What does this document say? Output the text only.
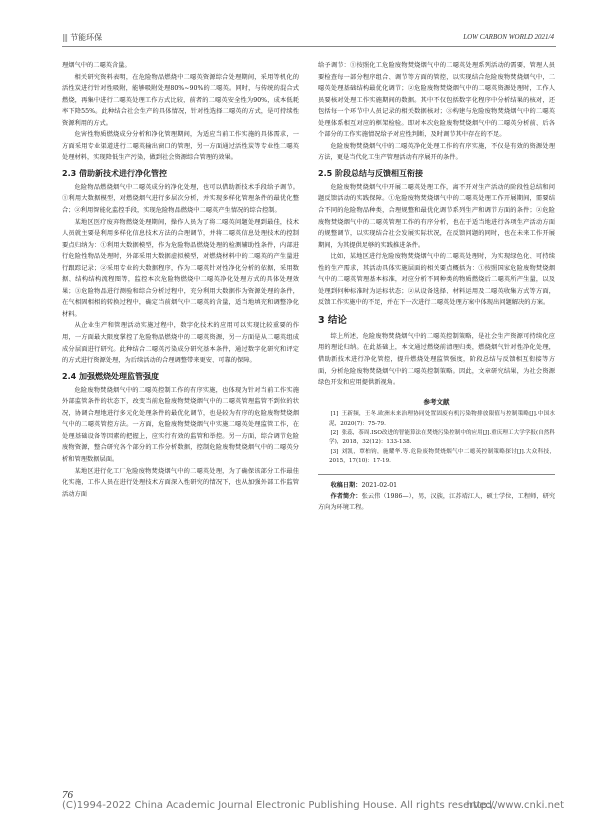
||| 节能环保	LOW CARBON WORLD 2021/4

理烟气中的二噁英含量。

相关研究资料表明，在危险物品燃烧中二噁英资源综合处理期间，采用等机化的活性炭进行针对性吸附，能够吸附处理80%~90%的二噁英。同时，与传统的混合式燃烧，再集中进行二噁英处理工作方式比较，前者的二噁英安全性为90%，成本低耗率下降55%。此种结合社会生产的具体情况，针对性选择二噁英的方式，是可持续性资源利用的方式。

危害性物质燃烧成分分析和净化管理期间，为适应当前工作实施的具体需求，一方面采用专业渠道进行二噁英输出窗口的管理，另一方面通过活性炭等专业性二噁英处理材料，实现降低生产污染，做到社会资源综合管理的效果。

2.3 借助新技术进行净化管控

危险物品燃烧烟气中二噁英成分的净化处理，也可以借助新技术手段给予调节。①利用大数据模型，对燃烧烟气进行多层次分析，并实现多样化管理条件的最优化整合；②利用智能化监控手段，实现危险物品燃烧中二噁英产生情况的综合控制。

某地区医疗废弃物燃烧处理期间，操作人员为了将二噁英问题处理到最佳，技术人员就主要是利用多样化信息技术方法的合理调节，并将二噁英信息处理技术的控制要点归纳为：①利用大数据模型，作为危险物品燃烧处理的检测辅助性条件，内部进行危险性物品处理时，外部采用大数据虚拟模型，对燃烧材料中的二噁英的产生量进行跟踪记录；②采用专业的大数据程序，作为二噁英针对性净化分析的依据，采用数据、结构结构流程图等，监控本次危险物燃烧中二噁英净化处理方式的具体处理效果；③危险物品进行测验和综合分析过程中，充分利用大数据作为资源处理的条件，在气相固相相的转换过程中，确定当前烟气中二噁英的含量，适当地填充和调整净化材料。

从企业生产和管理活动实施过程中，数字化技术的应用可以实现比较重要的作用，一方面最大限度掌控了危险物品燃烧中的二噁英资源，另一方面是从二噁英组成成分层面进行研究。此种结合二噁英污染成分研究基本条件，通过数字化研究和评定的方式进行资源处理，为后续活动的合理调整带来更安、可靠的保障。

2.4 加强燃烧处理监管强度

危险废物焚烧烟气中的二噁英控制工作的有序实施，也体现为针对当前工作实施外部监管条件的状态下，改变当前危险废物焚烧烟气中的二噁英管理监管不到位的状况，协调合理地进行多元化处理条件的最优化调节，也是较为有序的危险废物焚烧烟气中的二噁英管控方法。一方面，危险废物焚烧烟气中实施二噁英处理监管工作，在处理基础设备等因素的把握上，应实行有效的监管和举控。另一方面，综合调节危险废物资源，整合研究各个部分的工作分析数据，控制危险废物焚烧烟气中的二噁英分析和管理数据层面。

某地区进行化工厂危险废物焚烧烟气中的二噁英处理，为了确保该部分工作最佳化实施，工作人员在进行处理技术方面深入性研究的情况下，也从加强外部工作监管活动方面

给予调节：①按照化工危险废物焚烧烟气中的二噁英处理系列活动的需要，管理人员要检查每一部分程序组合、调节等方面的管控，以实现结合危险废物焚烧烟气中，二噁英处理基础结构最优化调节；②危险废物焚烧烟气中的二噁英资源处理时，工作人员要核对处理工作实施期间的数据。其中不仅包括数字化程序中分析结果的核对，还包括每一个环节中人员记录的相关数据核对；③构建与危险废物焚烧烟气中的二噁英处理体系相互对应的框架检验。即对本次危险废物焚烧烟气中的二噁英分析前、后各个部分的工作实施情况给予对应性判断，及时调节其中存在的不足。

危险废物焚烧烟气中的二噁英净化处理工作的有序实施，不仅是有效的资源处理方法，更是当代化工生产管理活动有序展开的条件。

2.5 阶段总结与反馈相互衔接

危险废物焚烧烟气中开展二噁英处理工作，离不开对生产活动的阶段性总结和问题反馈活动的实践保障。①危险废物焚烧烟气中的二噁英处理工作开展期间，需要结合不同的危险物品种类，合理规整和最优化调节系列生产和调节方面的条件；②危险废物焚烧烟气中的二噁英管理工作的有序分析，也在于适当地进行各项生产活动方面的规整调节，以实现结合社会发展实际状况，在反馈问题的同时，也在未来工作开展期间，为其提供足够的实践推进条件。

比如，某地区进行危险废物焚烧烟气中的二噁英处理时，为实现绿色化、可持续性的生产需求，其活动具体实施层面的相关要点概括为：①按照国家危险废物焚烧烟气中的二噁英管理基本标准，对应分析不同种类的物质燃烧后二噁英所产生量，以及处理到何种标准时为运标状态；②从设备选择、材料运用及二噁英收集方式等方面，反馈工作实施中的不足，并在下一次进行二噁英处理方案中体现出问题解决的方案。

3 结论

综上所述，危险废物焚烧烟气中的二噁英控制策略，是社会生产资源可持续化应用的理论归纳。在此基础上，本文通过燃烧前清理归类，燃烧烟气针对性净化处理，借助新技术进行净化管控，提升燃烧处理监管强度，阶段总结与反馈相互衔接等方面，分析危险废物焚烧烟气中的二噁英控制策略。因此，文章研究结果，为社会资源绿色开发和应用提供新视角。

参考文献

[1] 王新频，王冬.欧洲未来治理协同处置固废有机污染物排放限值与控制策略[J].中国水泥，2020(7)：75-79.

[2] 张蕊，茶周.ISO改进的智能算法在焚烧污染控制中的应用[J].重庆理工大学学报(自然科学)，2018，32(12)：133-138.

[3] 刘凯，覃柏钧，施耀华.等.危险废物焚烧烟气中二噁英控制策略探讨[J].大众科技，2015，17(10)：17-19.

收稿日期：2021-02-01

作者简介：张云伟（1986—），男，汉族，江苏靖江人，硕士学位，工程师，研究方向为环境工程。

76
(C)1994-2022 China Academic Journal Electronic Publishing House. All rights reserved.
http://www.cnki.net
